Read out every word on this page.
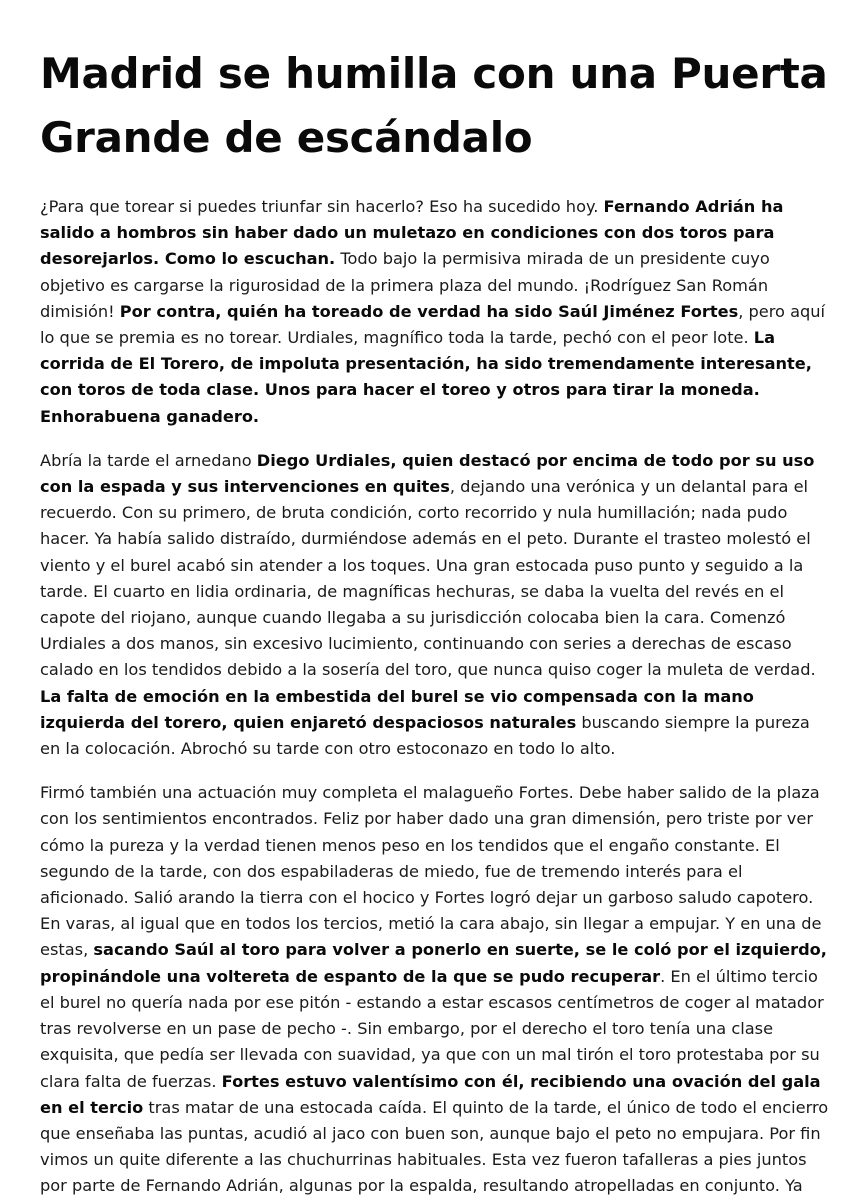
Madrid se humilla con una Puerta Grande de escándalo

¿Para que torear si puedes triunfar sin hacerlo? Eso ha sucedido hoy. Fernando Adrián ha salido a hombros sin haber dado un muletazo en condiciones con dos toros para desorejarlos. Como lo escuchan. Todo bajo la permisiva mirada de un presidente cuyo objetivo es cargarse la rigurosidad de la primera plaza del mundo. ¡Rodríguez San Román dimisión! Por contra, quién ha toreado de verdad ha sido Saúl Jiménez Fortes, pero aquí lo que se premia es no torear. Urdiales, magnífico toda la tarde, pechó con el peor lote. La corrida de El Torero, de impoluta presentación, ha sido tremendamente interesante, con toros de toda clase. Unos para hacer el toreo y otros para tirar la moneda. Enhorabuena ganadero.

Abría la tarde el arnedano Diego Urdiales, quien destacó por encima de todo por su uso con la espada y sus intervenciones en quites, dejando una verónica y un delantal para el recuerdo. Con su primero, de bruta condición, corto recorrido y nula humillación; nada pudo hacer. Ya había salido distraído, durmiéndose además en el peto. Durante el trasteo molestó el viento y el burel acabó sin atender a los toques. Una gran estocada puso punto y seguido a la tarde. El cuarto en lidia ordinaria, de magníficas hechuras, se daba la vuelta del revés en el capote del riojano, aunque cuando llegaba a su jurisdicción colocaba bien la cara. Comenzó Urdiales a dos manos, sin excesivo lucimiento, continuando con series a derechas de escaso calado en los tendidos debido a la sosería del toro, que nunca quiso coger la muleta de verdad. La falta de emoción en la embestida del burel se vio compensada con la mano izquierda del torero, quien enjaretó despaciosos naturales buscando siempre la pureza en la colocación. Abrochó su tarde con otro estoconazo en todo lo alto.

Firmó también una actuación muy completa el malagueño Fortes. Debe haber salido de la plaza con los sentimientos encontrados. Feliz por haber dado una gran dimensión, pero triste por ver cómo la pureza y la verdad tienen menos peso en los tendidos que el engaño constante. El segundo de la tarde, con dos espabiladeras de miedo, fue de tremendo interés para el aficionado. Salió arando la tierra con el hocico y Fortes logró dejar un garboso saludo capotero. En varas, al igual que en todos los tercios, metió la cara abajo, sin llegar a empujar. Y en una de estas, sacando Saúl al toro para volver a ponerlo en suerte, se le coló por el izquierdo, propinándole una voltereta de espanto de la que se pudo recuperar. En el último tercio el burel no quería nada por ese pitón - estando a estar escasos centímetros de coger al matador tras revolverse en un pase de pecho -. Sin embargo, por el derecho el toro tenía una clase exquisita, que pedía ser llevada con suavidad, ya que con un mal tirón el toro protestaba por su clara falta de fuerzas. Fortes estuvo valentísimo con él, recibiendo una ovación del gala en el tercio tras matar de una estocada caída. El quinto de la tarde, el único de todo el encierro que enseñaba las puntas, acudió al jaco con buen son, aunque bajo el peto no empujara. Por fin vimos un quite diferente a las chuchurrinas habituales. Esta vez fueron tafalleras a pies juntos por parte de Fernando Adrián, algunas por la espalda, resultando atropelladas en conjunto. Ya
